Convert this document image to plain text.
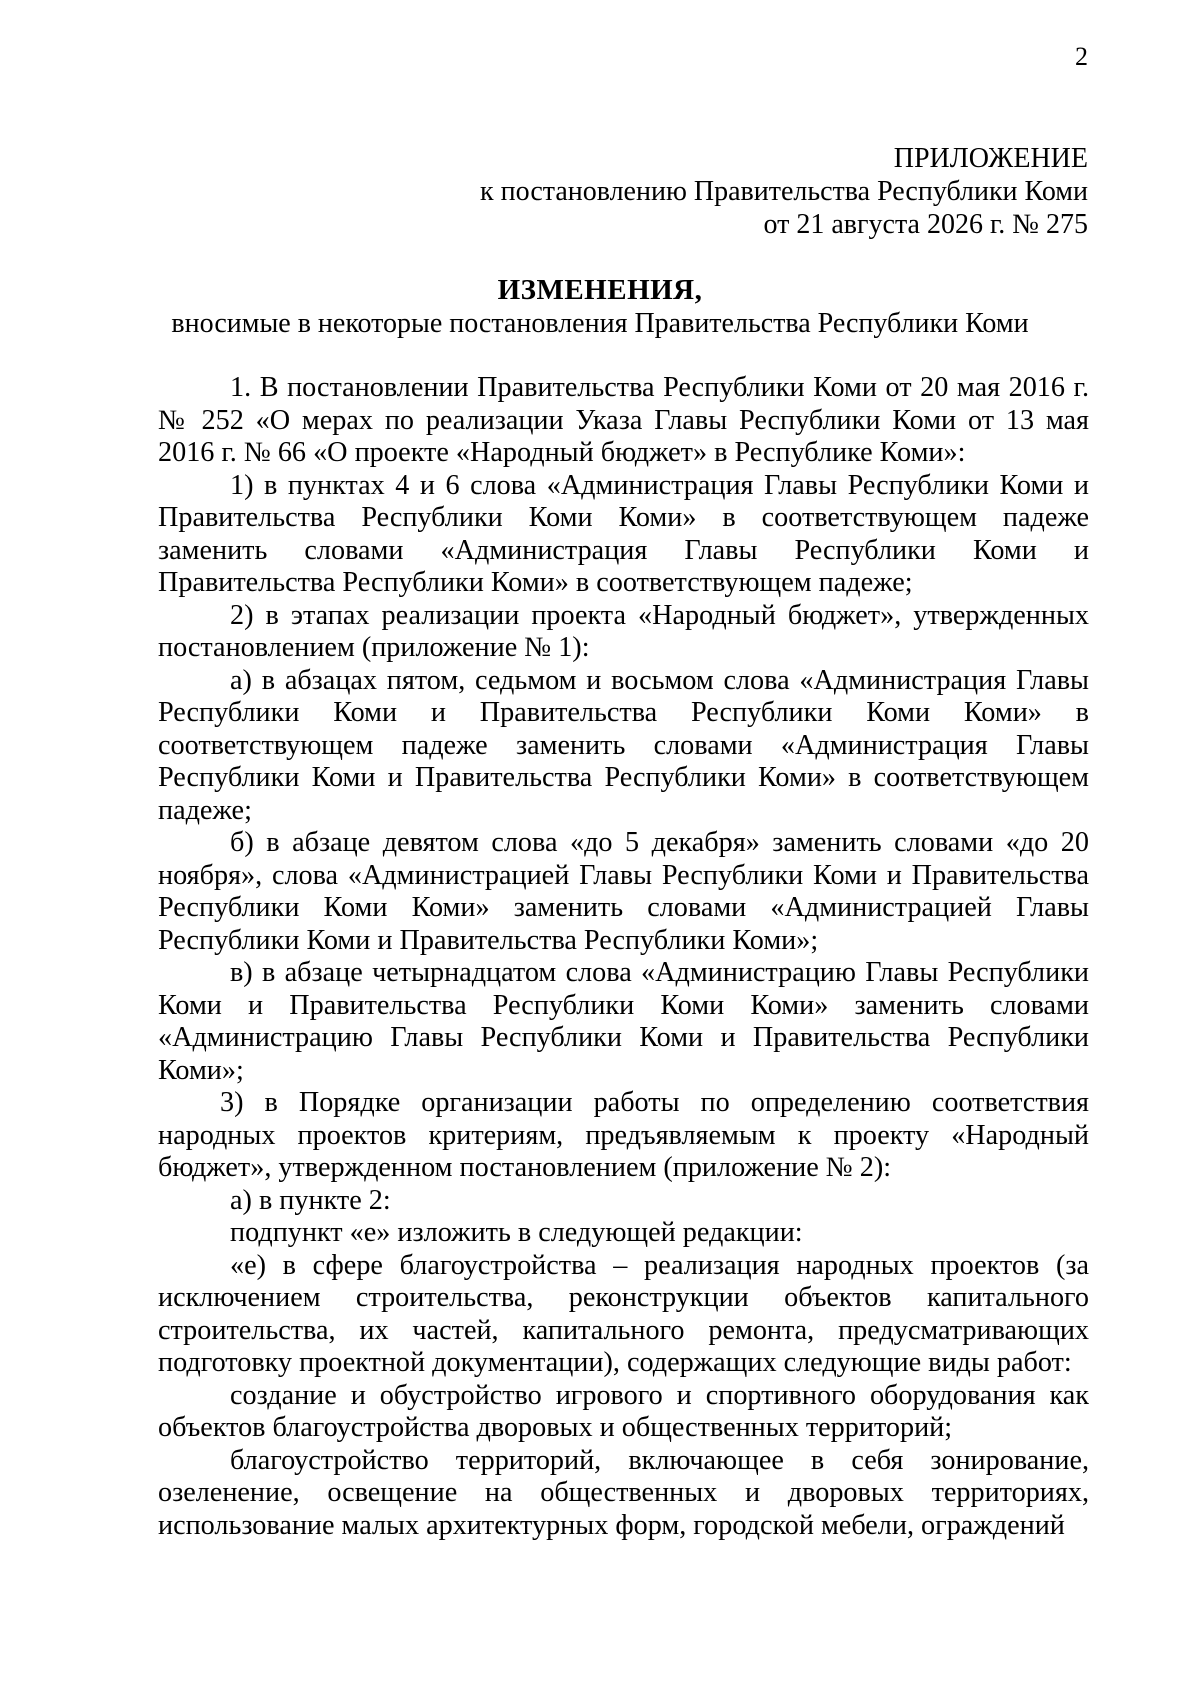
2
ПРИЛОЖЕНИЕ
к постановлению Правительства Республики Коми
от 21 августа 2026 г. № 275
ИЗМЕНЕНИЯ,
вносимые в некоторые постановления Правительства Республики Коми

1. В постановлении Правительства Республики Коми от 20 мая 2016 г. № 252 «О мерах по реализации Указа Главы Республики Коми от 13 мая 2016 г. № 66 «О проекте «Народный бюджет» в Республике Коми»:

1) в пунктах 4 и 6 слова «Администрация Главы Республики Коми и Правительства Республики Коми Коми» в соответствующем падеже заменить словами «Администрация Главы Республики Коми и Правительства Республики Коми» в соответствующем падеже;

2) в этапах реализации проекта «Народный бюджет», утвержденных постановлением (приложение № 1):

а) в абзацах пятом, седьмом и восьмом слова «Администрация Главы Республики Коми и Правительства Республики Коми Коми» в соответствующем падеже заменить словами «Администрация Главы Республики Коми и Правительства Республики Коми» в соответствующем падеже;

б) в абзаце девятом слова «до 5 декабря» заменить словами «до 20 ноября», слова «Администрацией Главы Республики Коми и Правительства Республики Коми Коми» заменить словами «Администрацией Главы Республики Коми и Правительства Республики Коми»;

в) в абзаце четырнадцатом слова «Администрацию Главы Республики Коми и Правительства Республики Коми Коми» заменить словами «Администрацию Главы Республики Коми и Правительства Республики Коми»;

3) в Порядке организации работы по определению соответствия народных проектов критериям, предъявляемым к проекту «Народный бюджет», утвержденном постановлением (приложение № 2):

а) в пункте 2:

подпункт «е» изложить в следующей редакции:

«е) в сфере благоустройства – реализация народных проектов (за исключением строительства, реконструкции объектов капитального строительства, их частей, капитального ремонта, предусматривающих подготовку проектной документации), содержащих следующие виды работ:

создание и обустройство игрового и спортивного оборудования как объектов благоустройства дворовых и общественных территорий;

благоустройство территорий, включающее в себя зонирование, озеленение, освещение на общественных и дворовых территориях, использование малых архитектурных форм, городской мебели, ограждений
